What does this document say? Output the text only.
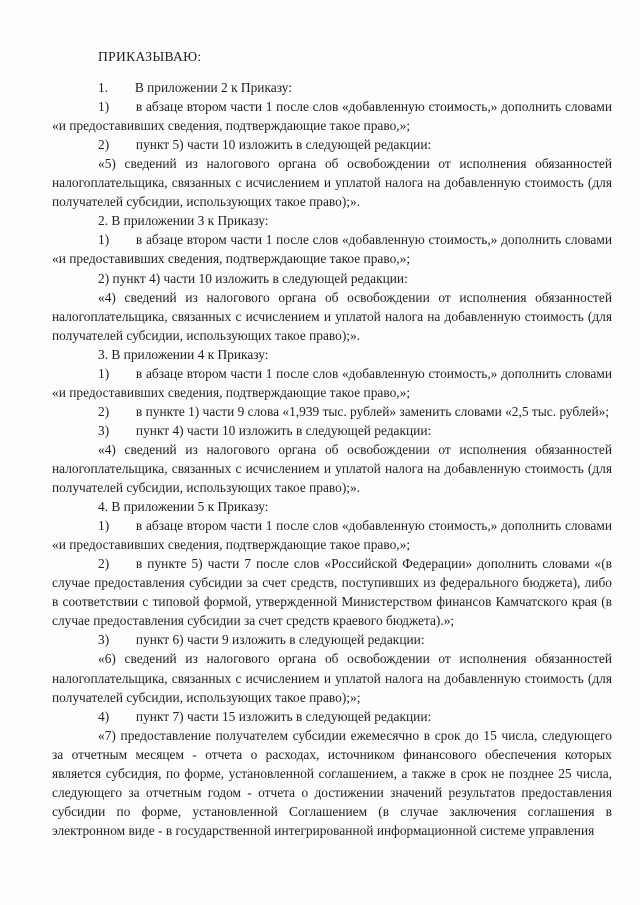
ПРИКАЗЫВАЮ:

1.  В приложении 2 к Приказу:

1)  в абзаце втором части 1 после слов «добавленную стоимость,» дополнить словами «и предоставивших сведения, подтверждающие такое право,»;

2)  пункт 5) части 10 изложить в следующей редакции:

«5) сведений из налогового органа об освобождении от исполнения обязанностей налогоплательщика, связанных с исчислением и уплатой налога на добавленную стоимость (для получателей субсидии, использующих такое право);».

2. В приложении 3 к Приказу:

1)  в абзаце втором части 1 после слов «добавленную стоимость,» дополнить словами «и предоставивших сведения, подтверждающие такое право,»;

2) пункт 4) части 10 изложить в следующей редакции:

«4) сведений из налогового органа об освобождении от исполнения обязанностей налогоплательщика, связанных с исчислением и уплатой налога на добавленную стоимость (для получателей субсидии, использующих такое право);».

3. В приложении 4 к Приказу:

1)  в абзаце втором части 1 после слов «добавленную стоимость,» дополнить словами «и предоставивших сведения, подтверждающие такое право,»;

2)  в пункте 1) части 9 слова «1,939 тыс. рублей» заменить словами «2,5 тыс. рублей»;

3)  пункт 4) части 10 изложить в следующей редакции:

«4) сведений из налогового органа об освобождении от исполнения обязанностей налогоплательщика, связанных с исчислением и уплатой налога на добавленную стоимость (для получателей субсидии, использующих такое право);».

4. В приложении 5 к Приказу:

1)  в абзаце втором части 1 после слов «добавленную стоимость,» дополнить словами «и предоставивших сведения, подтверждающие такое право,»;

2)  в пункте 5) части 7 после слов «Российской Федерации» дополнить словами «(в случае предоставления субсидии за счет средств, поступивших из федерального бюджета), либо в соответствии с типовой формой, утвержденной Министерством финансов Камчатского края (в случае предоставления субсидии за счет средств краевого бюджета).»;

3)  пункт 6) части 9 изложить в следующей редакции:

«6) сведений из налогового органа об освобождении от исполнения обязанностей налогоплательщика, связанных с исчислением и уплатой налога на добавленную стоимость (для получателей субсидии, использующих такое право);»;

4)  пункт 7) части 15 изложить в следующей редакции:

«7) предоставление получателем субсидии ежемесячно в срок до 15 числа, следующего за отчетным месяцем - отчета о расходах, источником финансового обеспечения которых является субсидия, по форме, установленной соглашением, а также в срок не позднее 25 числа, следующего за отчетным годом - отчета о достижении значений результатов предоставления субсидии по форме, установленной Соглашением (в случае заключения соглашения в электронном виде - в государственной интегрированной информационной системе управления
